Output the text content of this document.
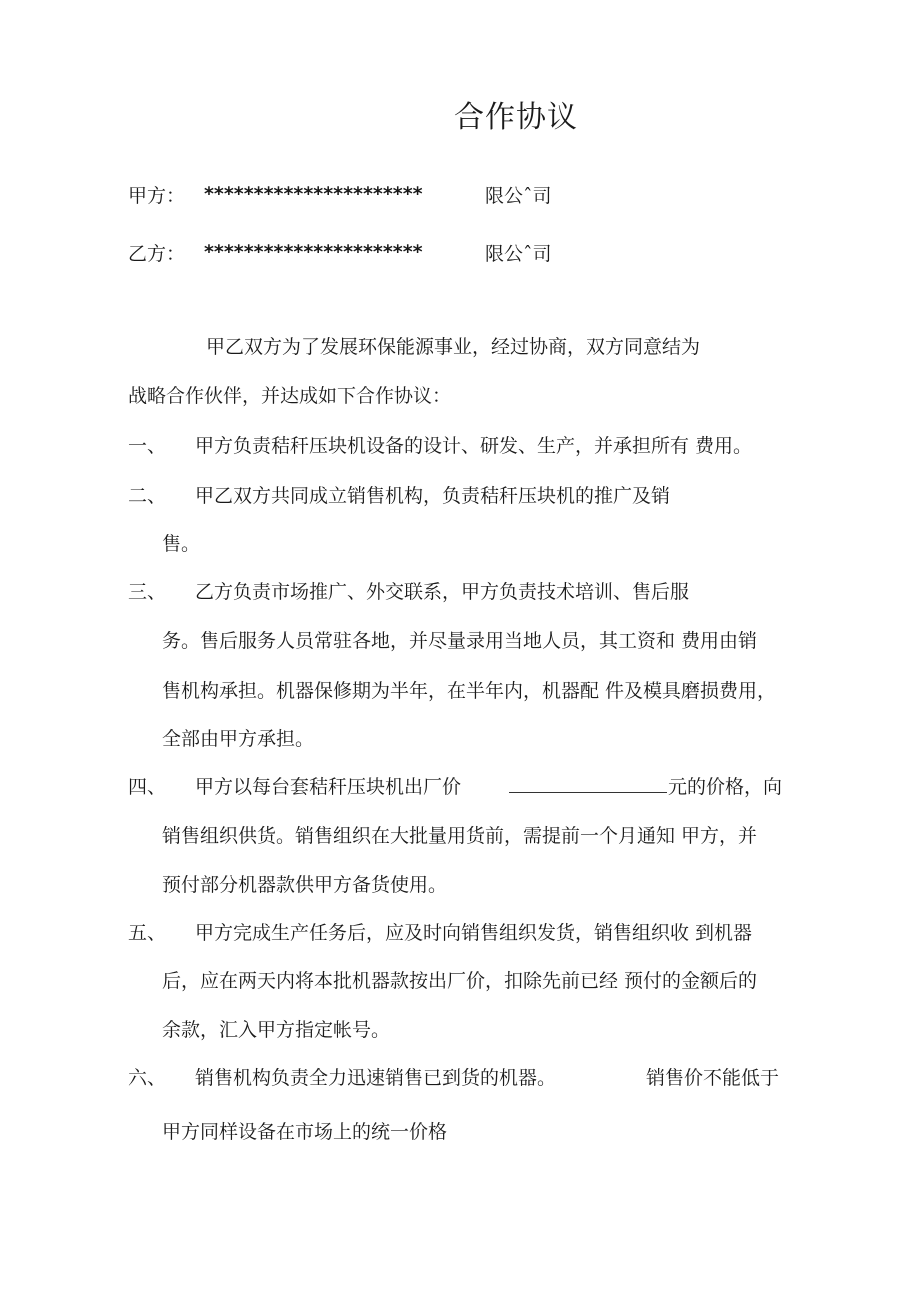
合作协议
甲方： **********************	限公ˆ司
乙方： **********************	限公ˆ司
甲乙双方为了发展环保能源事业，经过协商，双方同意结为
战略合作伙伴，并达成如下合作协议：
一、 甲方负责秸秆压块机设备的设计、研发、生产，并承担所有 费用。
二、 甲乙双方共同成立销售机构，负责秸秆压块机的推广及销
售。
三、 乙方负责市场推广、外交联系，甲方负责技术培训、售后服
务。售后服务人员常驻各地，并尽量录用当地人员，其工资和 费用由销
售机构承担。机器保修期为半年，在半年内，机器配 件及模具磨损费用，
全部由甲方承担。
四、 甲方以每台套秸秆压块机出厂价	元的价格，向
销售组织供货。销售组织在大批量用货前，需提前一个月通知 甲方，并
预付部分机器款供甲方备货使用。
五、 甲方完成生产任务后，应及时向销售组织发货，销售组织收 到机器
后，应在两天内将本批机器款按出厂价，扣除先前已经 预付的金额后的
余款，汇入甲方指定帐号。
六、 销售机构负责全力迅速销售已到货的机器。	销售价不能低于
甲方同样设备在市场上的统一价格
